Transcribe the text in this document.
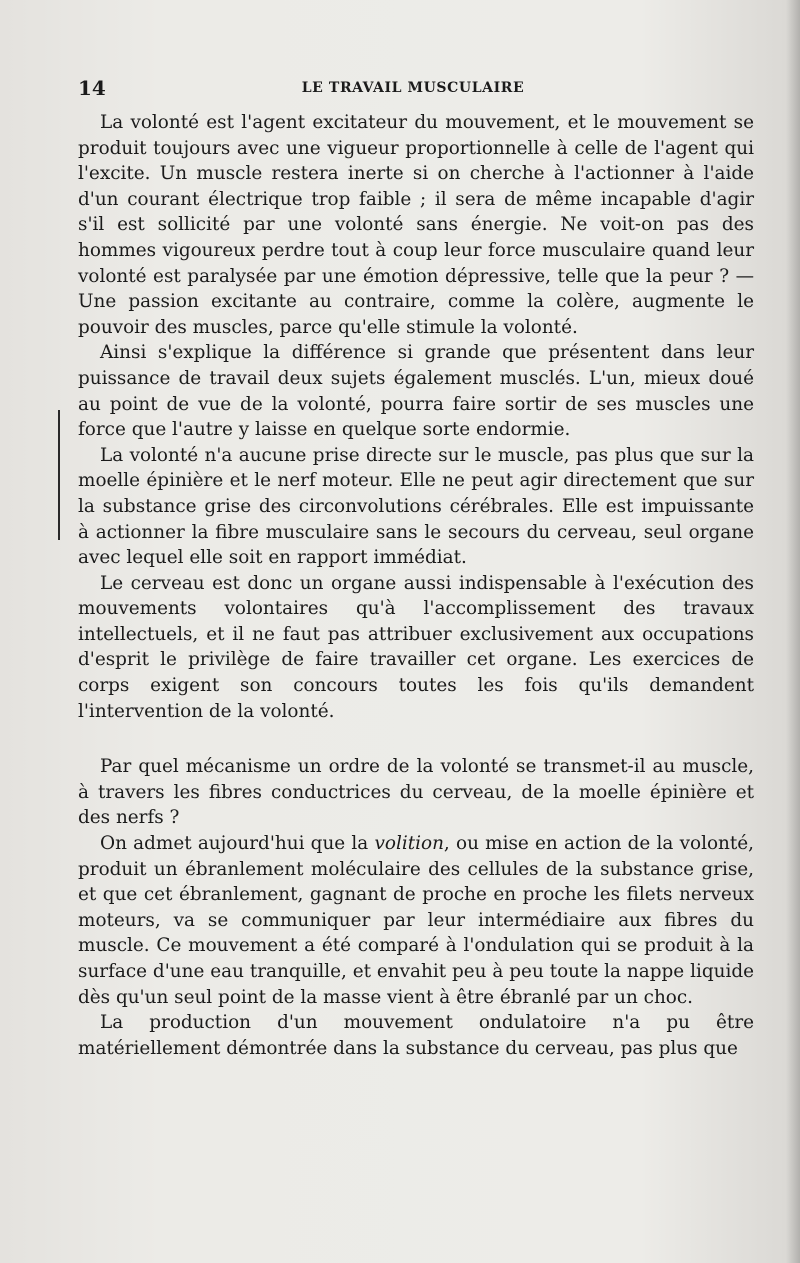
14	LE TRAVAIL MUSCULAIRE

La volonté est l'agent excitateur du mouvement, et le mouvement se produit toujours avec une vigueur proportionnelle à celle de l'agent qui l'excite. Un muscle restera inerte si on cherche à l'actionner à l'aide d'un courant électrique trop faible ; il sera de même incapable d'agir s'il est sollicité par une volonté sans énergie. Ne voit-on pas des hommes vigoureux perdre tout à coup leur force musculaire quand leur volonté est paralysée par une émotion dépressive, telle que la peur ? — Une passion excitante au contraire, comme la colère, augmente le pouvoir des muscles, parce qu'elle stimule la volonté.

Ainsi s'explique la différence si grande que présentent dans leur puissance de travail deux sujets également musclés. L'un, mieux doué au point de vue de la volonté, pourra faire sortir de ses muscles une force que l'autre y laisse en quelque sorte endormie.

La volonté n'a aucune prise directe sur le muscle, pas plus que sur la moelle épinière et le nerf moteur. Elle ne peut agir directement que sur la substance grise des circonvolutions cérébrales. Elle est impuissante à actionner la fibre musculaire sans le secours du cerveau, seul organe avec lequel elle soit en rapport immédiat.

Le cerveau est donc un organe aussi indispensable à l'exécution des mouvements volontaires qu'à l'accomplissement des travaux intellectuels, et il ne faut pas attribuer exclusivement aux occupations d'esprit le privilège de faire travailler cet organe. Les exercices de corps exigent son concours toutes les fois qu'ils demandent l'intervention de la volonté.

Par quel mécanisme un ordre de la volonté se transmet-il au muscle, à travers les fibres conductrices du cerveau, de la moelle épinière et des nerfs ?

On admet aujourd'hui que la volition, ou mise en action de la volonté, produit un ébranlement moléculaire des cellules de la substance grise, et que cet ébranlement, gagnant de proche en proche les filets nerveux moteurs, va se communiquer par leur intermédiaire aux fibres du muscle. Ce mouvement a été comparé à l'ondulation qui se produit à la surface d'une eau tranquille, et envahit peu à peu toute la nappe liquide dès qu'un seul point de la masse vient à être ébranlé par un choc.

La production d'un mouvement ondulatoire n'a pu être matériellement démontrée dans la substance du cerveau, pas plus que
